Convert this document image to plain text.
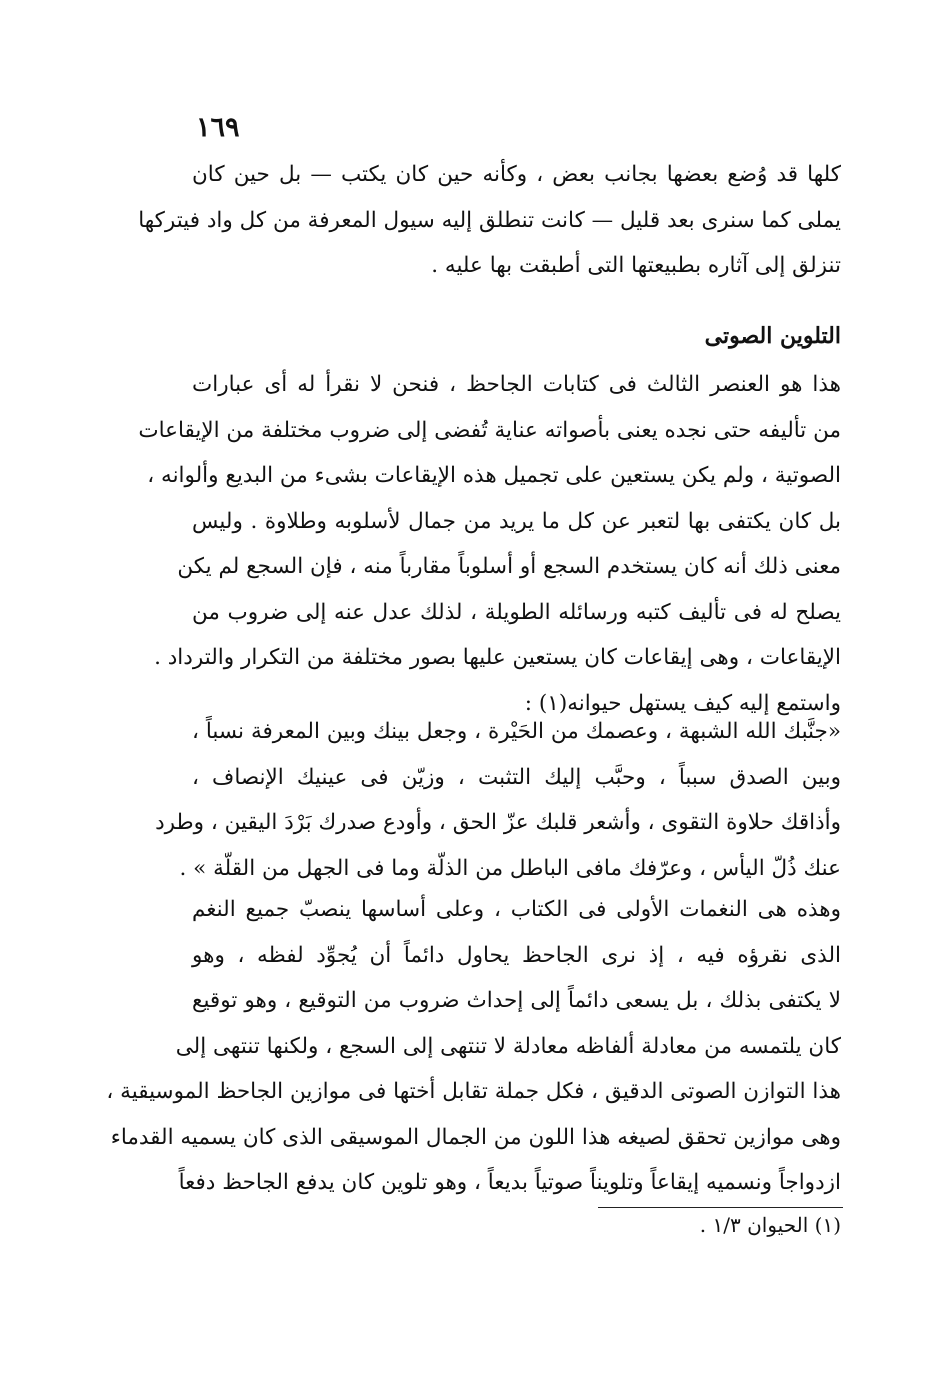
١٦٩

كلها قد وُضع بعضها بجانب بعض ، وكأنه حين كان يكتب — بل حين كان
يملى كما سنرى بعد قليل — كانت تنطلق إليه سيول المعرفة من كل واد فيتركها
تنزلق إلى آثاره بطبيعتها التى أطبقت بها عليه .

التلوين الصوتى

هذا هو العنصر الثالث فى كتابات الجاحظ ، فنحن لا نقرأ له أى عبارات
من تأليفه حتى نجده يعنى بأصواته عناية تُفضى إلى ضروب مختلفة من الإيقاعات
الصوتية ، ولم يكن يستعين على تجميل هذه الإيقاعات بشىء من البديع وألوانه ،
بل كان يكتفى بها لتعبر عن كل ما يريد من جمال لأسلوبه وطلاوة . وليس
معنى ذلك أنه كان يستخدم السجع أو أسلوباً مقارباً منه ، فإن السجع لم يكن
يصلح له فى تأليف كتبه ورسائله الطويلة ، لذلك عدل عنه إلى ضروب من
الإيقاعات ، وهى إيقاعات كان يستعين عليها بصور مختلفة من التكرار والترداد .
واستمع إليه كيف يستهل حيوانه(١) :

«جنَّبك الله الشبهة ، وعصمك من الحَيْرة ، وجعل بينك وبين المعرفة نسباً ،
وبين الصدق سبباً ، وحبَّب إليك التثبت ، وزيّن فى عينيك الإنصاف ،
وأذاقك حلاوة التقوى ، وأشعر قلبك عزّ الحق ، وأودع صدرك بَرْدَ اليقين ، وطرد
عنك ذُلّ اليأس ، وعرّفك مافى الباطل من الذلّة وما فى الجهل من القلّة » .

وهذه هى النغمات الأولى فى الكتاب ، وعلى أساسها ينصبّ جميع النغم
الذى نقرؤه فيه ، إذ نرى الجاحظ يحاول دائماً أن يُجوِّد لفظه ، وهو
لا يكتفى بذلك ، بل يسعى دائماً إلى إحداث ضروب من التوقيع ، وهو توقيع
كان يلتمسه من معادلة ألفاظه معادلة لا تنتهى إلى السجع ، ولكنها تنتهى إلى
هذا التوازن الصوتى الدقيق ، فكل جملة تقابل أختها فى موازين الجاحظ الموسيقية ،
وهى موازين تحقق لصيغه هذا اللون من الجمال الموسيقى الذى كان يسميه القدماء
ازدواجاً ونسميه إيقاعاً وتلويناً صوتياً بديعاً ، وهو تلوين كان يدفع الجاحظ دفعاً

(١) الحيوان ١/٣ .
